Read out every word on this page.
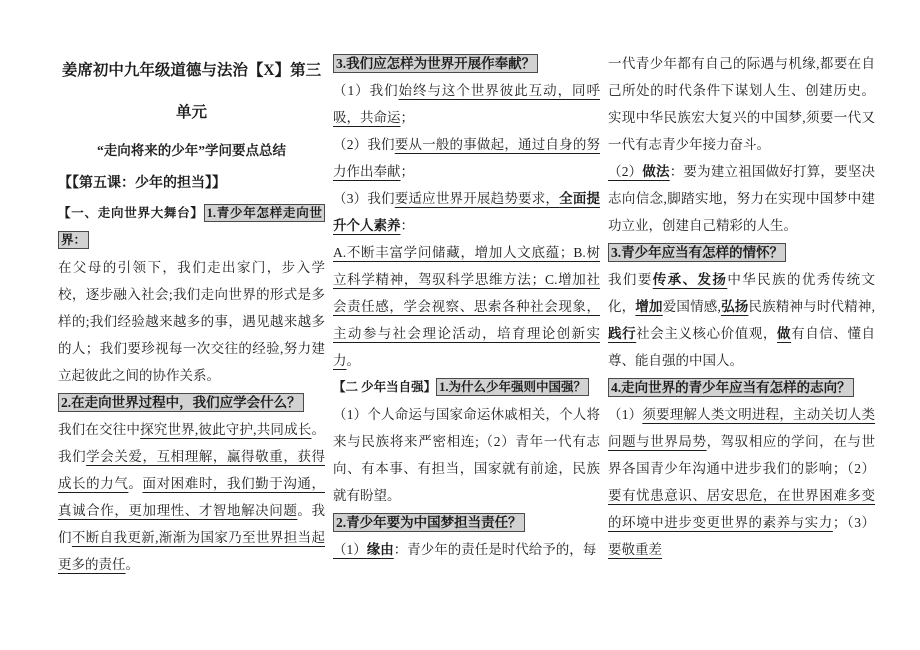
姜席初中九年级道德与法治【X】第三单元
“走向将来的少年”学问要点总结
【【第五课：少年的担当】】
【一、走向世界大舞台】 1.青少年怎样走向世界：
在父母的引领下，我们走出家门，步入学校，逐步融入社会;我们走向世界的形式是多样的;我们经验越来越多的事，遇见越来越多的人；我们要珍视每一次交往的经验,努力建立起彼此之间的协作关系。
2.在走向世界过程中，我们应学会什么？
我们在交往中探究世界,彼此守护,共同成长。我们学会关爱，互相理解，赢得敬重，获得成长的力气。面对困难时，我们勤于沟通，真诚合作，更加理性、才智地解决问题。我们不断自我更新,渐渐为国家乃至世界担当起更多的责任。
3.我们应怎样为世界开展作奉献？
（1）我们始终与这个世界彼此互动，同呼吸，共命运；
（2）我们要从一般的事做起，通过自身的努力作出奉献；
（3）我们要适应世界开展趋势要求，全面提升个人素养：
A.不断丰富学问储藏，增加人文底蕴；B.树立科学精神，驾驭科学思维方法；C.增加社会责任感，学会视察、思索各种社会现象，主动参与社会理论活动，培育理论创新实力。
【二 少年当自强】 1.为什么少年强则中国强？
（1）个人命运与国家命运休戚相关，个人将来与民族将来严密相连;（2）青年一代有志向、有本事、有担当，国家就有前途，民族就有盼望。
2.青少年要为中国梦担当责任？
（1）缘由：青少年的责任是时代给予的，每
一代青少年都有自己的际遇与机缘,都要在自己所处的时代条件下谋划人生、创建历史。实现中华民族宏大复兴的中国梦,须要一代又一代有志青少年接力奋斗。
（2）做法：要为建立祖国做好打算，要坚决志向信念,脚踏实地，努力在实现中国梦中建功立业，创建自己精彩的人生。
3.青少年应当有怎样的情怀？
我们要传承、发扬中华民族的优秀传统文化，增加爱国情感,弘扬民族精神与时代精神,践行社会主义核心价值观，做有自信、懂自尊、能自强的中国人。
4.走向世界的青少年应当有怎样的志向？
（1）须要理解人类文明进程，主动关切人类问题与世界局势，驾驭相应的学问，在与世界各国青少年沟通中进步我们的影响；（2）要有忧患意识、居安思危，在世界困难多变的环境中进步变更世界的素养与实力；（3）要敬重差
